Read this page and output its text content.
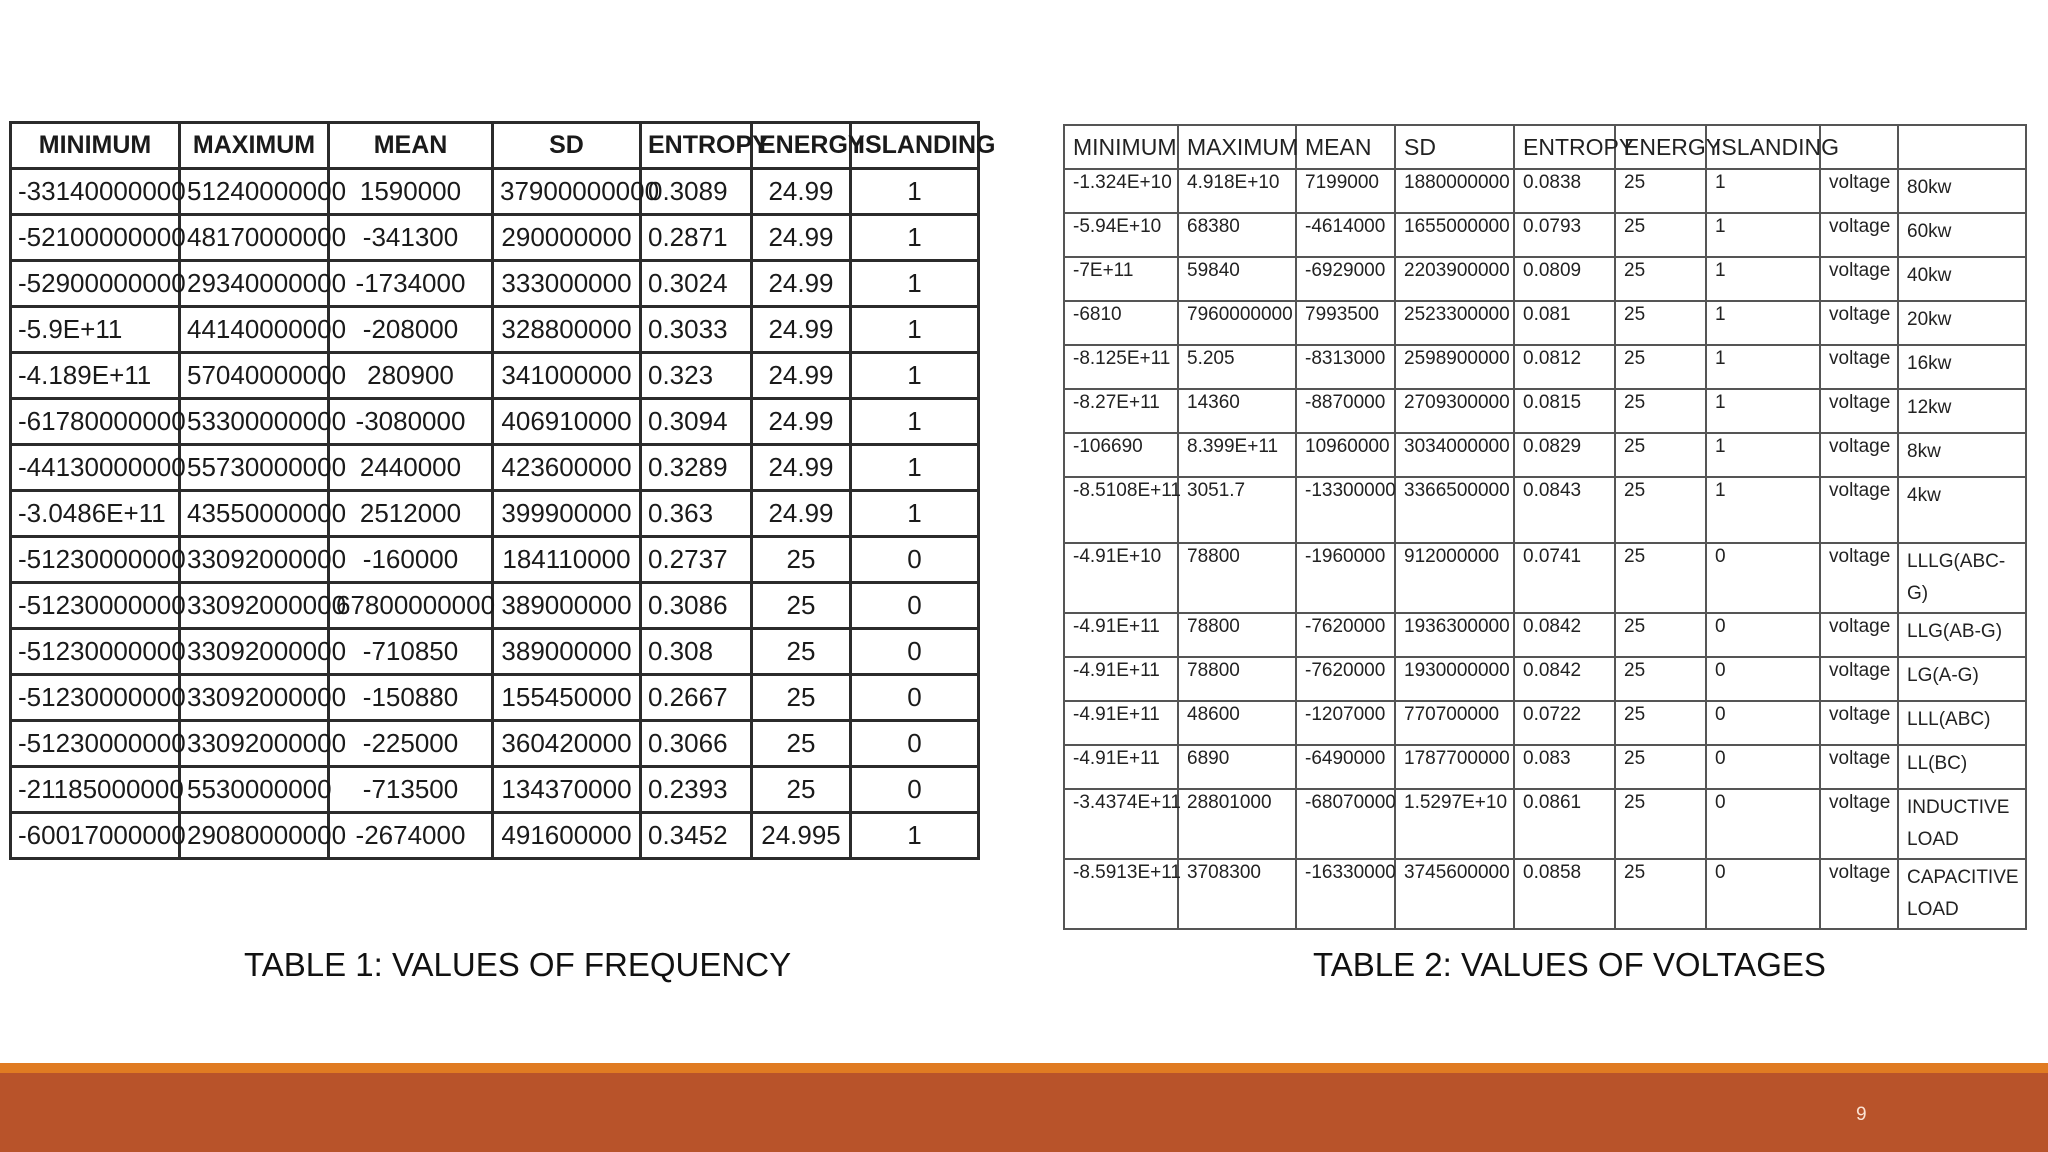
MINIMUM	MAXIMUM	MEAN	SD	ENTROPY	ENERGY	ISLANDING
-33140000000	51240000000	1590000	37900000000	0.3089	24.99	1
-52100000000	48170000000	-341300	290000000	0.2871	24.99	1
-52900000000	29340000000	-1734000	333000000	0.3024	24.99	1
-5.9E+11	44140000000	-208000	328800000	0.3033	24.99	1
-4.189E+11	57040000000	280900	341000000	0.323	24.99	1
-61780000000	53300000000	-3080000	406910000	0.3094	24.99	1
-44130000000	55730000000	2440000	423600000	0.3289	24.99	1
-3.0486E+11	43550000000	2512000	399900000	0.363	24.99	1
-51230000000	33092000000	-160000	184110000	0.2737	25	0
-51230000000	33092000000	67800000000	389000000	0.3086	25	0
-51230000000	33092000000	-710850	389000000	0.308	25	0
-51230000000	33092000000	-150880	155450000	0.2667	25	0
-51230000000	33092000000	-225000	360420000	0.3066	25	0
-21185000000	5530000000	-713500	134370000	0.2393	25	0
-60017000000	29080000000	-2674000	491600000	0.3452	24.995	1
MINIMUM	MAXIMUM	MEAN	SD	ENTROPY	ENERGY	ISLANDING		
-1.324E+10	4.918E+10	7199000	1880000000	0.0838	25	1	voltage	80kw
-5.94E+10	68380	-4614000	1655000000	0.0793	25	1	voltage	60kw
-7E+11	59840	-6929000	2203900000	0.0809	25	1	voltage	40kw
-6810	7960000000	7993500	2523300000	0.081	25	1	voltage	20kw
-8.125E+11	5.205	-8313000	2598900000	0.0812	25	1	voltage	16kw
-8.27E+11	14360	-8870000	2709300000	0.0815	25	1	voltage	12kw
-106690	8.399E+11	10960000	3034000000	0.0829	25	1	voltage	8kw
-8.5108E+11	3051.7	-13300000	3366500000	0.0843	25	1	voltage	4kw
-4.91E+10	78800	-1960000	912000000	0.0741	25	0	voltage	LLLG(ABC-G)
-4.91E+11	78800	-7620000	1936300000	0.0842	25	0	voltage	LLG(AB-G)
-4.91E+11	78800	-7620000	1930000000	0.0842	25	0	voltage	LG(A-G)
-4.91E+11	48600	-1207000	770700000	0.0722	25	0	voltage	LLL(ABC)
-4.91E+11	6890	-6490000	1787700000	0.083	25	0	voltage	LL(BC)
-3.4374E+11	28801000	-68070000	1.5297E+10	0.0861	25	0	voltage	INDUCTIVE LOAD
-8.5913E+11	3708300	-16330000	3745600000	0.0858	25	0	voltage	CAPACITIVE LOAD
TABLE 1: VALUES OF FREQUENCY	TABLE 2: VALUES OF VOLTAGES
9
